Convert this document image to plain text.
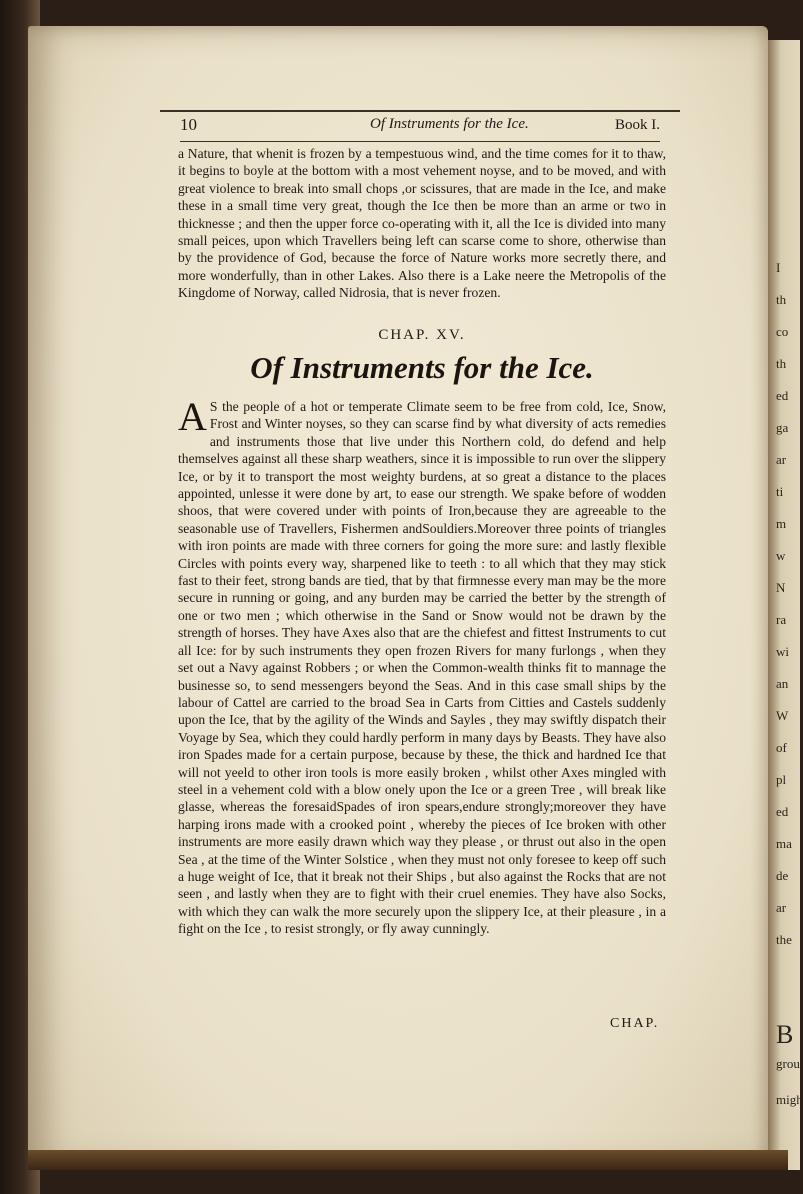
I
th
co
th
ed
ga
ar
ti
m
w
N
ra
wi
an
W
of
pl
ed
ma
de
ar
the
B
grou
migh
10	Of Instruments for the Ice.	Book I.

a Nature, that whenit is frozen by a tempestuous wind, and the time comes for it to thaw, it begins to boyle at the bottom with a most vehement noyse, and to be moved, and with great violence to break into small chops ,or scissures, that are made in the Ice, and make these in a small time very great, though the Ice then be more than an arme or two in thicknesse ; and then the upper force co-operating with it, all the Ice is divided into many small peices, upon which Travellers being left can scarse come to shore, otherwise than by the providence of God, because the force of Nature works more secretly there, and more wonderfully, than in other Lakes. Also there is a Lake neere the Metropolis of the Kingdome of Norway, called Nidrosia, that is never frozen.

CHAP. XV.
Of Instruments for the Ice.

A S the people of a hot or temperate Climate seem to be free from cold, Ice, Snow, Frost and Winter noyses, so they can scarse find by what diversity of acts remedies and instruments those that live under this Northern cold, do defend and help themselves against all these sharp weathers, since it is impossible to run over the slippery Ice, or by it to transport the most weighty burdens, at so great a distance to the places appointed, unlesse it were done by art, to ease our strength. We spake before of wodden shoos, that were covered under with points of Iron,because they are agreeable to the seasonable use of Travellers, Fishermen andSouldiers.Moreover three points of triangles with iron points are made with three corners for going the more sure: and lastly flexible Circles with points every way, sharpened like to teeth : to all which that they may stick fast to their feet, strong bands are tied, that by that firmnesse every man may be the more secure in running or going, and any burden may be carried the better by the strength of one or two men ; which otherwise in the Sand or Snow would not be drawn by the strength of horses. They have Axes also that are the chiefest and fittest Instruments to cut all Ice: for by such instruments they open frozen Rivers for many furlongs , when they set out a Navy against Robbers ; or when the Common-wealth thinks fit to mannage the businesse so, to send messengers beyond the Seas. And in this case small ships by the labour of Cattel are carried to the broad Sea in Carts from Citties and Castels suddenly upon the Ice, that by the agility of the Winds and Sayles , they may swiftly dispatch their Voyage by Sea, which they could hardly perform in many days by Beasts. They have also iron Spades made for a certain purpose, because by these, the thick and hardned Ice that will not yeeld to other iron tools is more easily broken , whilst other Axes mingled with steel in a vehement cold with a blow onely upon the Ice or a green Tree , will break like glasse, whereas the foresaidSpades of iron spears,endure strongly;moreover they have harping irons made with a crooked point , whereby the pieces of Ice broken with other instruments are more easily drawn which way they please , or thrust out also in the open Sea , at the time of the Winter Solstice , when they must not only foresee to keep off such a huge weight of Ice, that it break not their Ships , but also against the Rocks that are not seen , and lastly when they are to fight with their cruel enemies. They have also Socks, with which they can walk the more securely upon the slippery Ice, at their pleasure , in a fight on the Ice , to resist strongly, or fly away cunningly.

CHAP.
